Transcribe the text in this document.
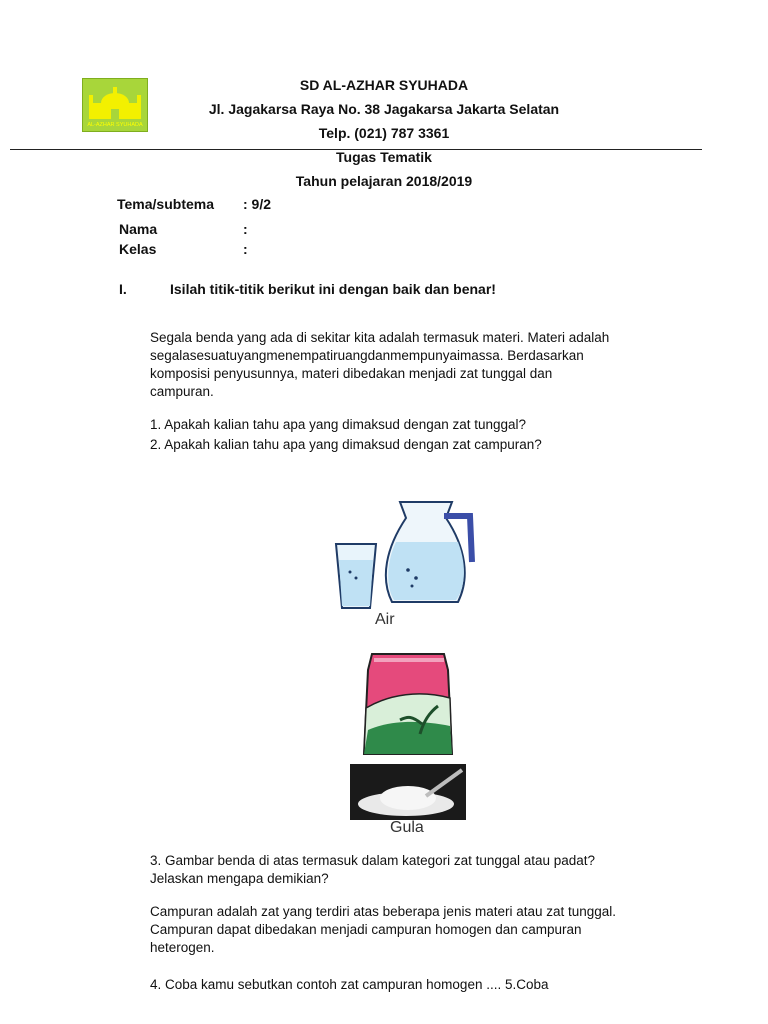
AL-AZHAR SYUHADA
SD AL-AZHAR SYUHADA
Jl. Jagakarsa Raya No. 38 Jagakarsa Jakarta Selatan
Telp. (021) 787 3361
Tugas Tematik
Tahun pelajaran 2018/2019
Tema/subtema : 9/2
Nama	:
Kelas	:
I.	Isilah titik-titik berikut ini dengan baik dan benar!
Segala benda yang ada di sekitar kita adalah termasuk materi. Materi adalah
segalasesuatuyangmenempatiruangdanmempunyaimassa. Berdasarkan
komposisi penyusunnya, materi dibedakan menjadi zat tunggal dan
campuran.
1. Apakah kalian tahu apa yang dimaksud dengan zat tunggal?
2. Apakah kalian tahu apa yang dimaksud dengan zat campuran?
Air
Gula
3. Gambar benda di atas termasuk dalam kategori zat tunggal atau padat?
Jelaskan mengapa demikian?
Campuran adalah zat yang terdiri atas beberapa jenis materi atau zat tunggal.
Campuran dapat dibedakan menjadi campuran homogen dan campuran
heterogen.
4. Coba kamu sebutkan contoh zat campuran homogen .... 5.Coba
